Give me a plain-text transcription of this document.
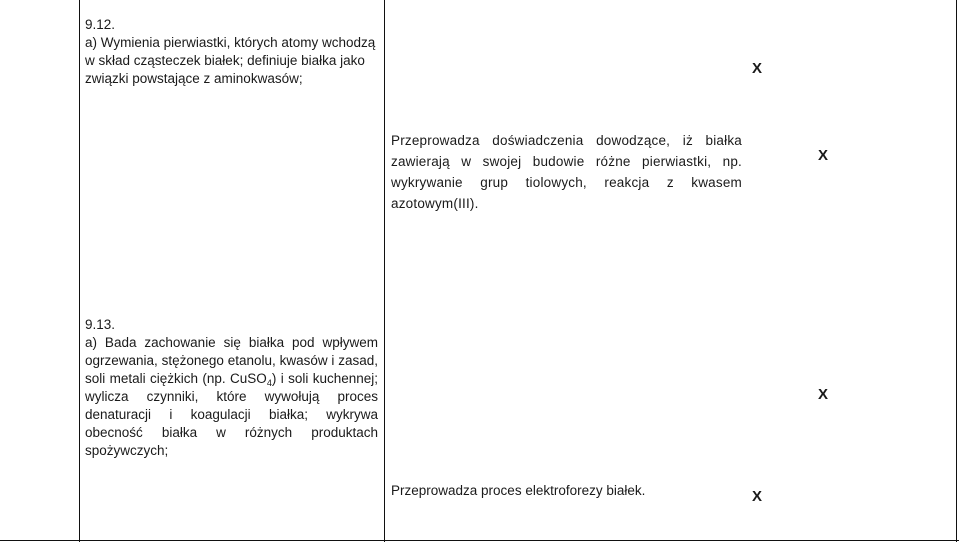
9.12.
a) Wymienia pierwiastki, których atomy wchodzą w skład cząsteczek białek; definiuje białka jako związki powstające z aminokwasów;
X
Przeprowadza doświadczenia dowodzące, iż białka zawierają w swojej budowie różne pierwiastki, np. wykrywanie grup tiolowych, reakcja z kwasem azotowym(III).
X
9.13.
a) Bada zachowanie się białka pod wpływem ogrzewania, stężonego etanolu, kwasów i zasad, soli metali ciężkich (np. CuSO$_4$) i soli kuchennej; wylicza czynniki, które wywołują proces denaturacji i koagulacji białka; wykrywa obecność białka w różnych produktach spożywczych;
X
Przeprowadza proces elektroforezy białek.	X
